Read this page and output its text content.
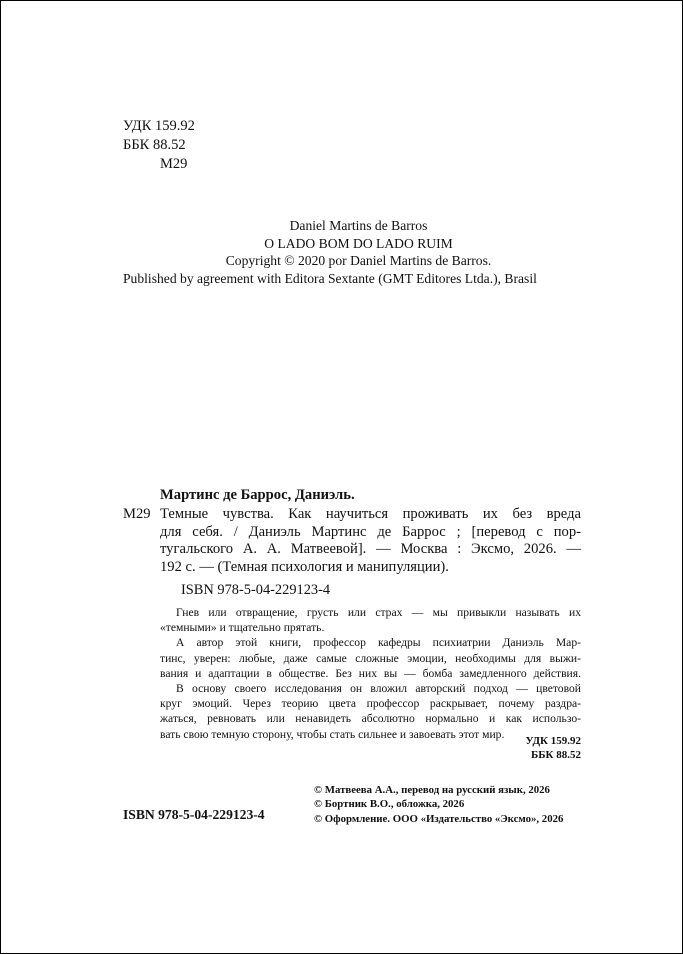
УДК 159.92
ББК 88.52
М29
Daniel Martins de Barros
O LADO BOM DO LADO RUIM
Copyright © 2020 por Daniel Martins de Barros.
Published by agreement with Editora Sextante (GMT Editores Ltda.), Brasil
Мартинс де Баррос, Даниэль.
М29 Темные чувства. Как научиться проживать их без вреда
для себя. / Даниэль Мартинс де Баррос ; [перевод с пор-
тугальского А. А. Матвеевой]. — Москва : Эксмо, 2026. —
192 с. — (Темная психология и манипуляции).
ISBN 978-5-04-229123-4
Гнев или отвращение, грусть или страх — мы привыкли называть их
«темными» и тщательно прятать.
А автор этой книги, профессор кафедры психиатрии Даниэль Мар-
тинс, уверен: любые, даже самые сложные эмоции, необходимы для выжи-
вания и адаптации в обществе. Без них вы — бомба замедленного действия.
В основу своего исследования он вложил авторский подход — цветовой
круг эмоций. Через теорию цвета профессор раскрывает, почему раздра-
жаться, ревновать или ненавидеть абсолютно нормально и как использо-
вать свою темную сторону, чтобы стать сильнее и завоевать этот мир.
УДК 159.92
ББК 88.52
© Матвеева А.А., перевод на русский язык, 2026
© Бортник В.О., обложка, 2026
© Оформление. ООО «Издательство «Эксмо», 2026
ISBN 978-5-04-229123-4
